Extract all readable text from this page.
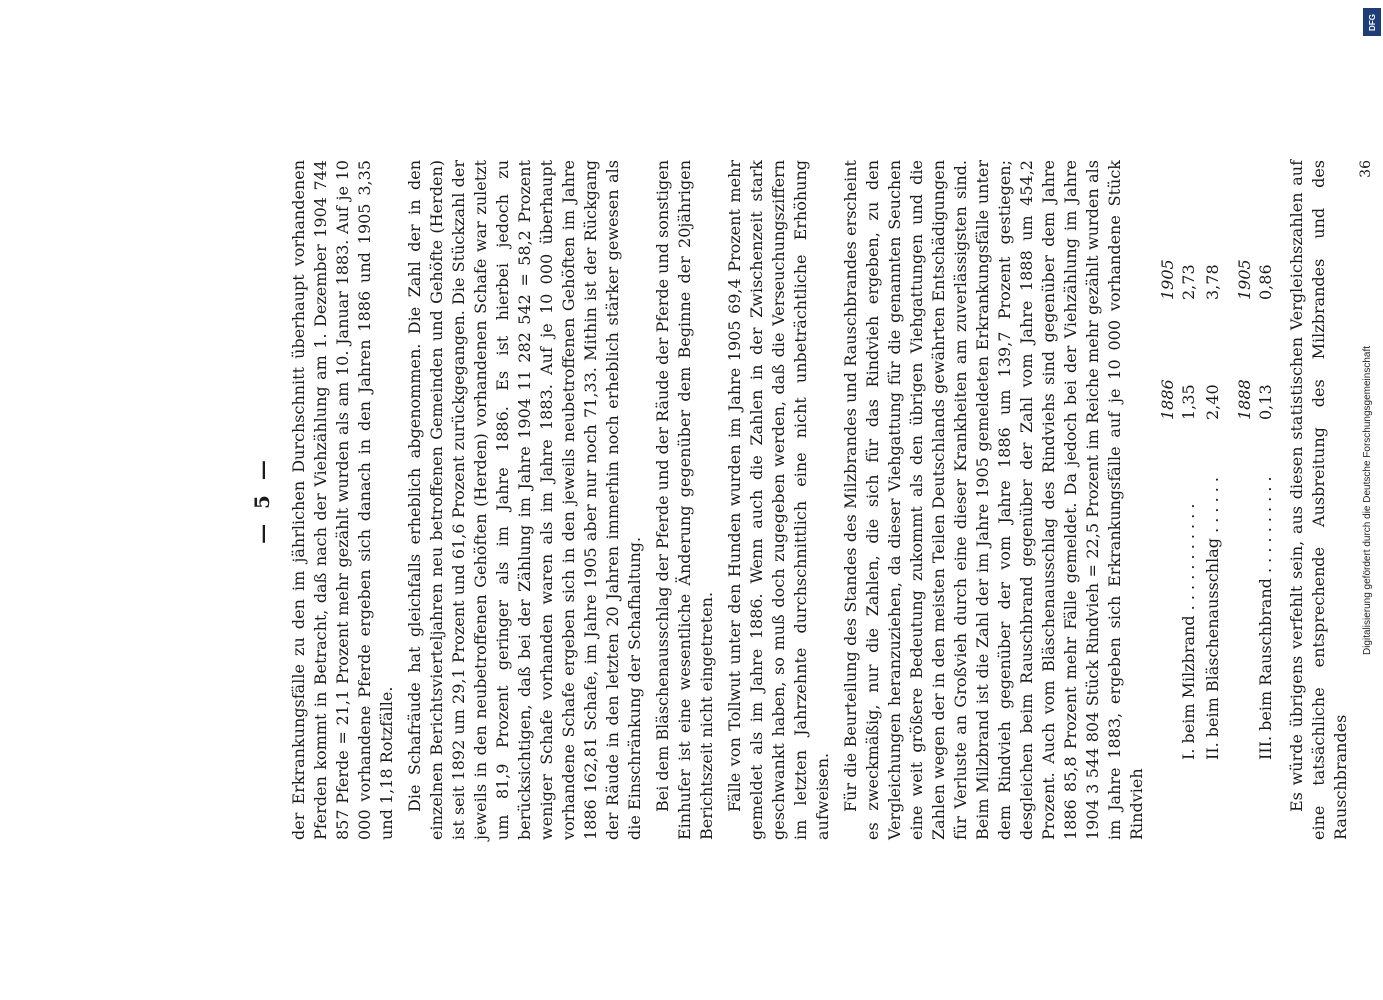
— 5 — der Erkrankungsfälle zu den im jährlichen Durchschnitt überhaupt vorhandenen Pferden kommt in Betracht, daß nach der Viehzählung am 1. Dezember 1904 744 857 Pferde = 21,1 Prozent mehr gezählt wurden als am 10. Januar 1883. Auf je 10 000 vorhandene Pferde ergeben sich danach in den Jahren 1886 und 1905 3,35 und 1,18 Rotzfälle. Die Schafräude hat gleichfalls erheblich abgenommen. Die Zahl der in den einzelnen Berichtsvierteljahren neu betroffenen Gemeinden und Gehöfte (Herden) ist seit 1892 um 29,1 Prozent und 61,6 Prozent zurückgegangen. Die Stückzahl der jeweils in den neubetroffenen Gehöften (Herden) vorhandenen Schafe war zuletzt um 81,9 Prozent geringer als im Jahre 1886. Es ist hierbei jedoch zu berücksichtigen, daß bei der Zählung im Jahre 1904 11 282 542 = 58,2 Prozent weniger Schafe vorhanden waren als im Jahre 1883. Auf je 10 000 überhaupt vorhandene Schafe ergeben sich in den jeweils neubetroffenen Gehöften im Jahre 1886 162,81 Schafe, im Jahre 1905 aber nur noch 71,33. Mithin ist der Rückgang der Räude in den letzten 20 Jahren immerhin noch erheblich stärker gewesen als die Einschränkung der Schafhaltung. Bei dem Bläschenausschlag der Pferde und der Räude der Pferde und sonstigen Einhufer ist eine wesentliche Änderung gegenüber dem Beginne der 20jährigen Berichtszeit nicht eingetreten. Fälle von Tollwut unter den Hunden wurden im Jahre 1905 69,4 Prozent mehr gemeldet als im Jahre 1886. Wenn auch die Zahlen in der Zwischenzeit stark geschwankt haben, so muß doch zugegeben werden, daß die Verseuchungsziffern im letzten Jahrzehnte durchschnittlich eine nicht unbeträchtliche Erhöhung aufweisen. Für die Beurteilung des Standes des Milzbrandes und Rauschbrandes erscheint es zweckmäßig, nur die Zahlen, die sich für das Rindvieh ergeben, zu den Vergleichungen heranzuziehen, da dieser Viehgattung für die genannten Seuchen eine weit größere Bedeutung zukommt als den übrigen Viehgattungen und die Zahlen wegen der in den meisten Teilen Deutschlands gewährten Entschädigungen für Verluste an Großvieh durch eine dieser Krankheiten am zuverlässigsten sind. Beim Milzbrand ist die Zahl der im Jahre 1905 gemeldeten Erkrankungsfälle unter dem Rindvieh gegenüber der vom Jahre 1886 um 139,7 Prozent gestiegen; desgleichen beim Rauschbrand gegenüber der Zahl vom Jahre 1888 um 454,2 Prozent. Auch vom Bläschenausschlag des Rindviehs sind gegenüber dem Jahre 1886 85,8 Prozent mehr Fälle gemeldet. Da jedoch bei der Viehzählung im Jahre 1904 3 544 804 Stück Rindvieh = 22,5 Prozent im Reiche mehr gezählt wurden als im Jahre 1883, ergeben sich Erkrankungsfälle auf je 10 000 vorhandene Stück Rindvieh

1886
1905
I. beim Milzbrand . . . . . . . . . . .
1,35
2,73
II. beim Bläschenausschlag . . . . . .
2,40
3,78
1888
1905
III. beim Rauschbrand . . . . . . . . . .
0,13
0,86 Es würde übrigens verfehlt sein, aus diesen statistischen Vergleichszahlen auf eine tatsächliche entsprechende Ausbreitung des Milzbrandes und des Rauschbrandes

36
DFG
Digitalisierung gefördert durch die Deutsche Forschungsgemeinschaft
